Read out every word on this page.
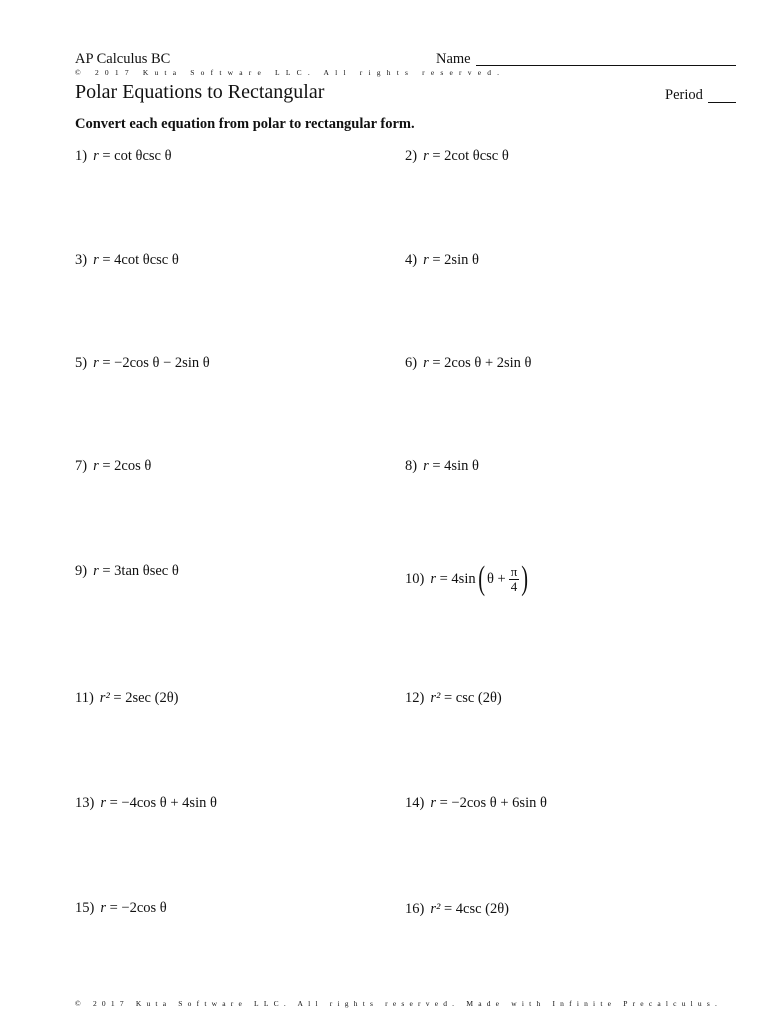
AP Calculus BC	Name
© 2017 Kuta Software LLC. All rights reserved.
Polar Equations to Rectangular	Period
Convert each equation from polar to rectangular form.
1) r
= cot θcsc θ	2) r
= 2cot θcsc θ
3) r
= 4cot θcsc θ	4) r
= 2sin θ
5) r
= −2cos θ − 2sin θ	6) r
= 2cos θ + 2sin θ
7) r
= 2cos θ	8) r
= 4sin θ
9) r
= 3tan θsec θ	10) r
= 4sin ( $\theta + \frac{\pi}{4}$ )
11) r²
= 2sec (2θ)	12) r²
= csc (2θ)
13) r
= −4cos θ + 4sin θ	14) r
= −2cos θ + 6sin θ
15) r
= −2cos θ	16) r²
= 4csc (2θ)
© 2017 Kuta Software LLC. All rights reserved. Made with Infinite Precalculus.
